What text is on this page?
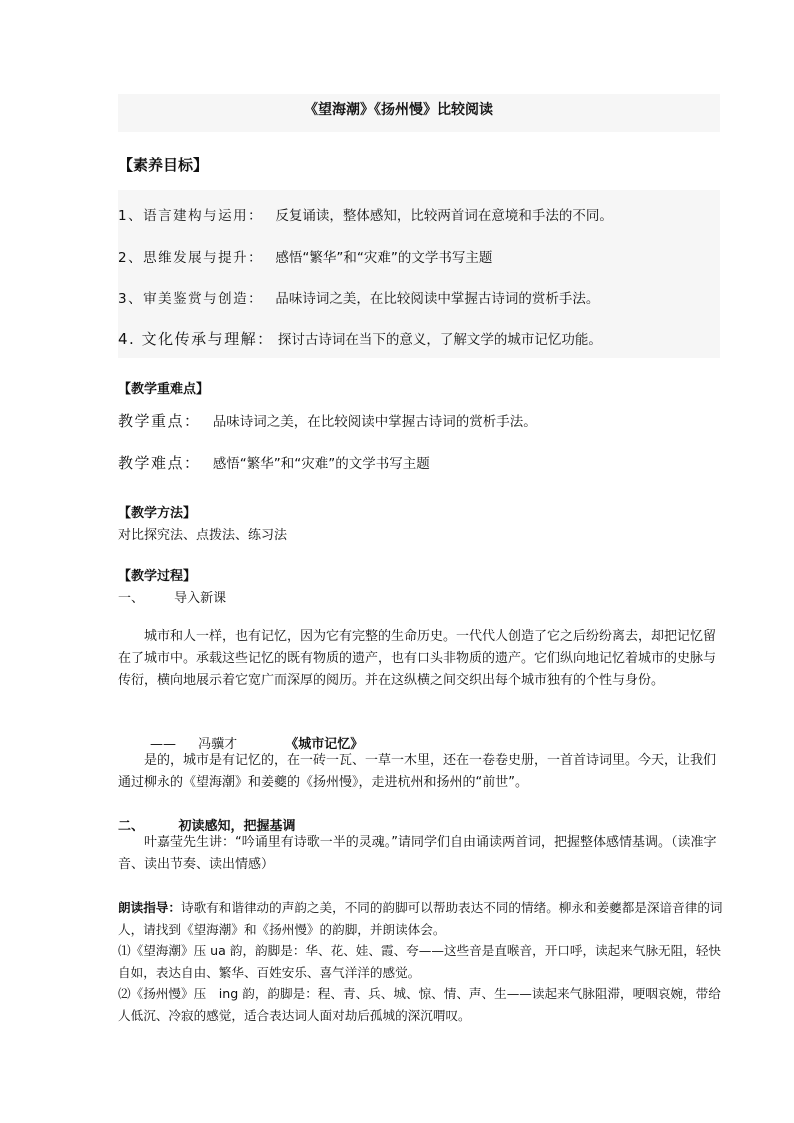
《望海潮》《扬州慢》比较阅读
【素养目标】
1、语言建构与运用： 反复诵读，整体感知，比较两首词在意境和手法的不同。
2、思维发展与提升： 感悟“繁华”和“灾难”的文学书写主题
3、审美鉴赏与创造： 品味诗词之美，在比较阅读中掌握古诗词的赏析手法。
4. 文化传承与理解： 探讨古诗词在当下的意义，了解文学的城市记忆功能。
【教学重难点】
教学重点： 品味诗词之美，在比较阅读中掌握古诗词的赏析手法。
教学难点： 感悟“繁华”和“灾难”的文学书写主题
【教学方法】
对比探究法、点拨法、练习法
【教学过程】
一、 导入新课
城市和人一样，也有记忆，因为它有完整的生命历史。一代代人创造了它之后纷纷离去，却把记忆留在了城市中。承载这些记忆的既有物质的遗产，也有口头非物质的遗产。它们纵向地记忆着城市的史脉与传衍，横向地展示着它宽广而深厚的阅历。并在这纵横之间交织出每个城市独有的个性与身份。
—— 冯骥才	《城市记忆》
是的，城市是有记忆的，在一砖一瓦、一草一木里，还在一卷卷史册，一首首诗词里。今天，让我们通过柳永的《望海潮》和姜夔的《扬州慢》，走进杭州和扬州的“前世”。
二、	初读感知，把握基调
叶嘉莹先生讲：“吟诵里有诗歌一半的灵魂。”请同学们自由诵读两首词，把握整体感情基调。（读准字音、读出节奏、读出情感）
朗读指导：诗歌有和谐律动的声韵之美，不同的韵脚可以帮助表达不同的情绪。柳永和姜夔都是深谙音律的词人，请找到《望海潮》和《扬州慢》的韵脚，并朗读体会。
⑴《望海潮》压 ua 韵，韵脚是：华、花、娃、霞、夸——这些音是直喉音，开口呼，读起来气脉无阻，轻快自如，表达自由、繁华、百姓安乐、喜气洋洋的感觉。
⑵《扬州慢》压　ing 韵，韵脚是：程、青、兵、城、惊、情、声、生——读起来气脉阻滞，哽咽哀婉，带给人低沉、冷寂的感觉，适合表达词人面对劫后孤城的深沉喟叹。
